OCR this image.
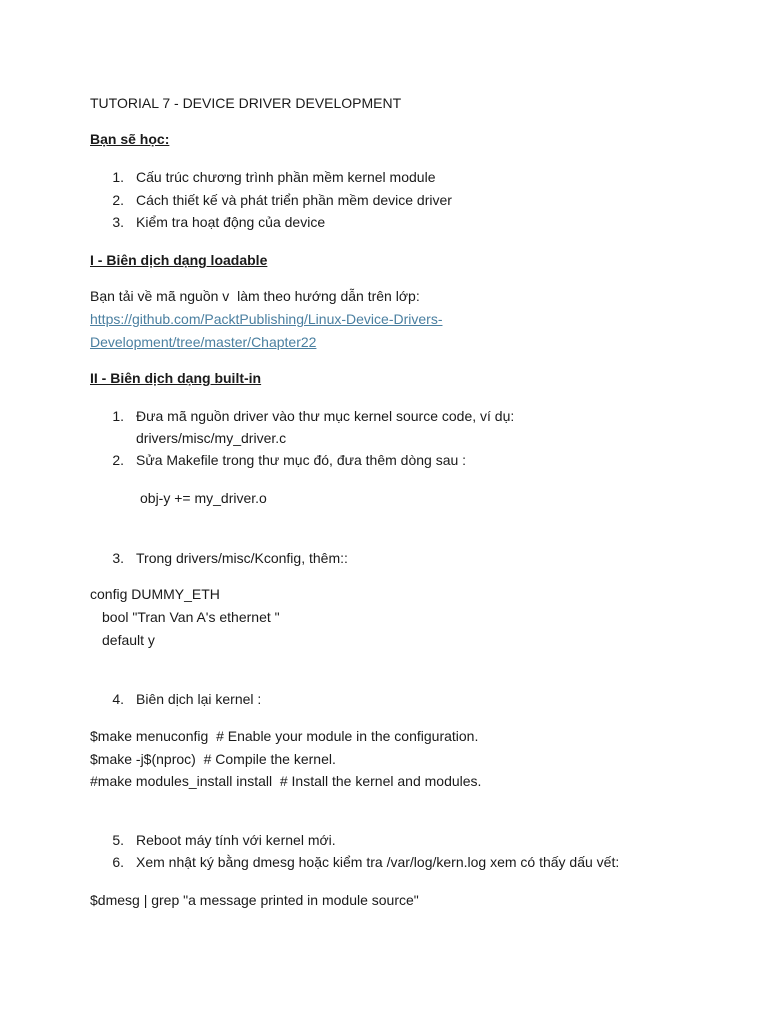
TUTORIAL 7 - DEVICE DRIVER DEVELOPMENT
Bạn sẽ học:
1. Cấu trúc chương trình phần mềm kernel module
2. Cách thiết kế và phát triển phần mềm device driver
3. Kiểm tra hoạt động của device
I - Biên dịch dạng loadable
Bạn tải về mã nguồn v  làm theo hướng dẫn trên lớp:
https://github.com/PacktPublishing/Linux-Device-Drivers-
Development/tree/master/Chapter22
II - Biên dịch dạng built-in
1. Đưa mã nguồn driver vào thư mục kernel source code, ví dụ:
drivers/misc/my_driver.c
2. Sửa Makefile trong thư mục đó, đưa thêm dòng sau :
obj-y += my_driver.o
3. Trong drivers/misc/Kconfig, thêm::
config DUMMY_ETH
bool "Tran Van A's ethernet "
default y
4. Biên dịch lại kernel :
$make menuconfig  # Enable your module in the configuration.
$make -j$(nproc)  # Compile the kernel.
#make modules_install install  # Install the kernel and modules.
5. Reboot máy tính với kernel mới.
6. Xem nhật ký bằng dmesg hoặc kiểm tra /var/log/kern.log xem có thấy dấu vết:
$dmesg | grep "a message printed in module source"
